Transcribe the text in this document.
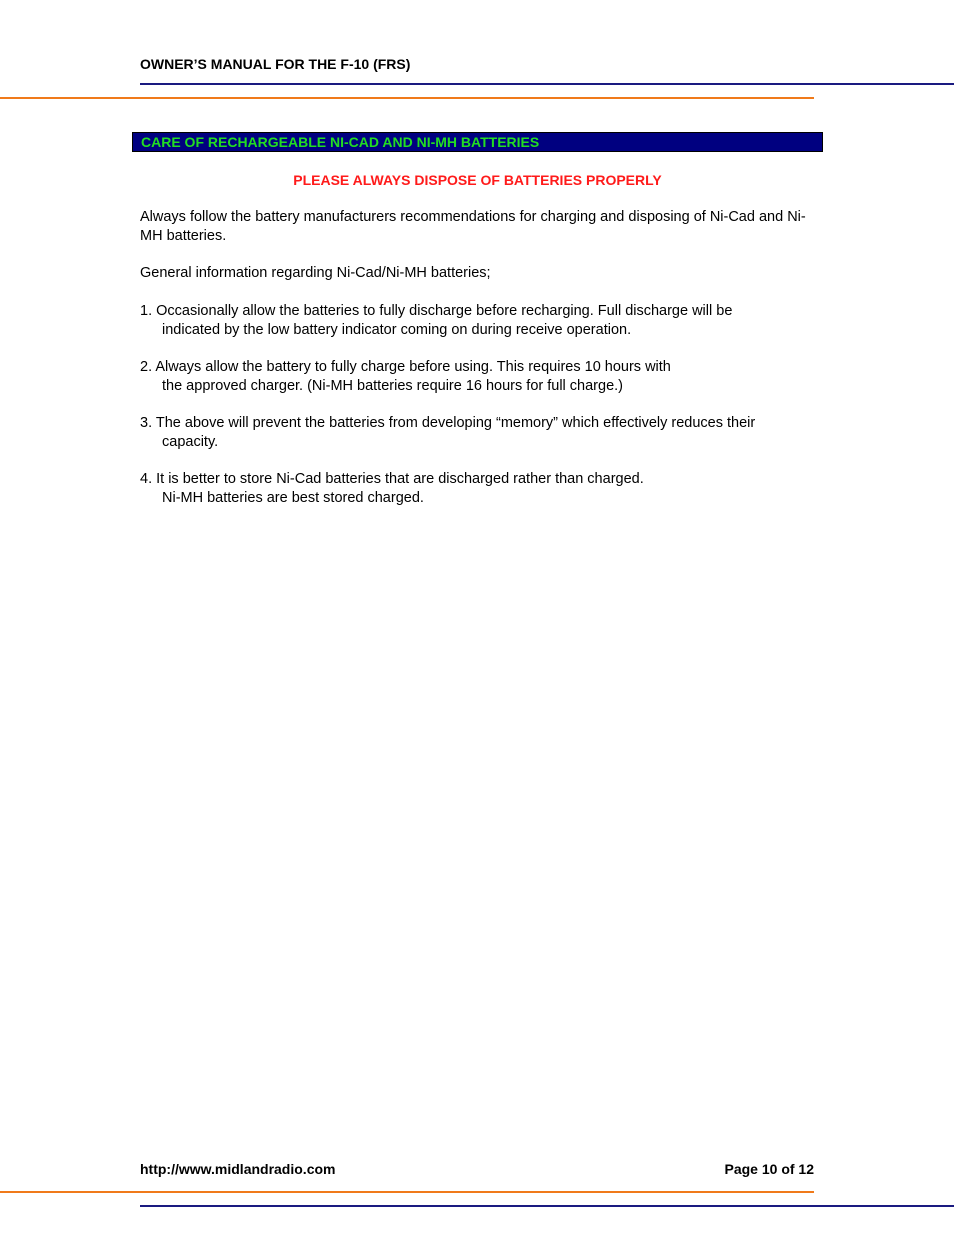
OWNER’S MANUAL FOR THE F-10 (FRS)
CARE OF RECHARGEABLE NI-CAD AND NI-MH BATTERIES
PLEASE ALWAYS DISPOSE OF BATTERIES PROPERLY
Always follow the battery manufacturers recommendations for charging and disposing of Ni-Cad and Ni-MH batteries.
General information regarding Ni-Cad/Ni-MH batteries;
1. Occasionally allow the batteries to fully discharge before recharging. Full discharge will be
indicated by the low battery indicator coming on during receive operation.
2. Always allow the battery to fully charge before using. This requires 10 hours with
the approved charger. (Ni-MH batteries require 16 hours for full charge.)
3. The above will prevent the batteries from developing “memory” which effectively reduces their
capacity.
4. It is better to store Ni-Cad batteries that are discharged rather than charged.
Ni-MH batteries are best stored charged.
http://www.midlandradio.com	Page 10 of 12
